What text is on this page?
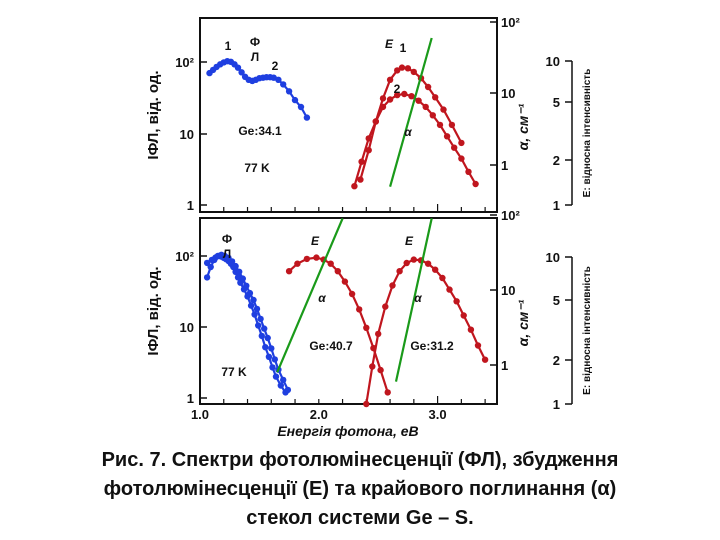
1
10
10²
IФЛ, від. од.
1
10
10²
α, см⁻¹
1
2
5
10
Е: відносна інтенсивність
1 Ф Л
2
E 1
2
α
Ge:34.1
77 K
1
10
10²
IФЛ, від. од.
1.0	2.0	3.0
Енергія фотона, еВ
1
10
10²
α, см⁻¹
1
2
5
10
Е: відносна інтенсивність
Ф Л
E
α
Ge:40.7
E
α
Ge:31.2
77 K
Рис. 7. Спектри фотолюмінесценції (ФЛ), збудження
фотолюмінесценції (Е) та крайового поглинання (α)
стекол системи Ge – S.
